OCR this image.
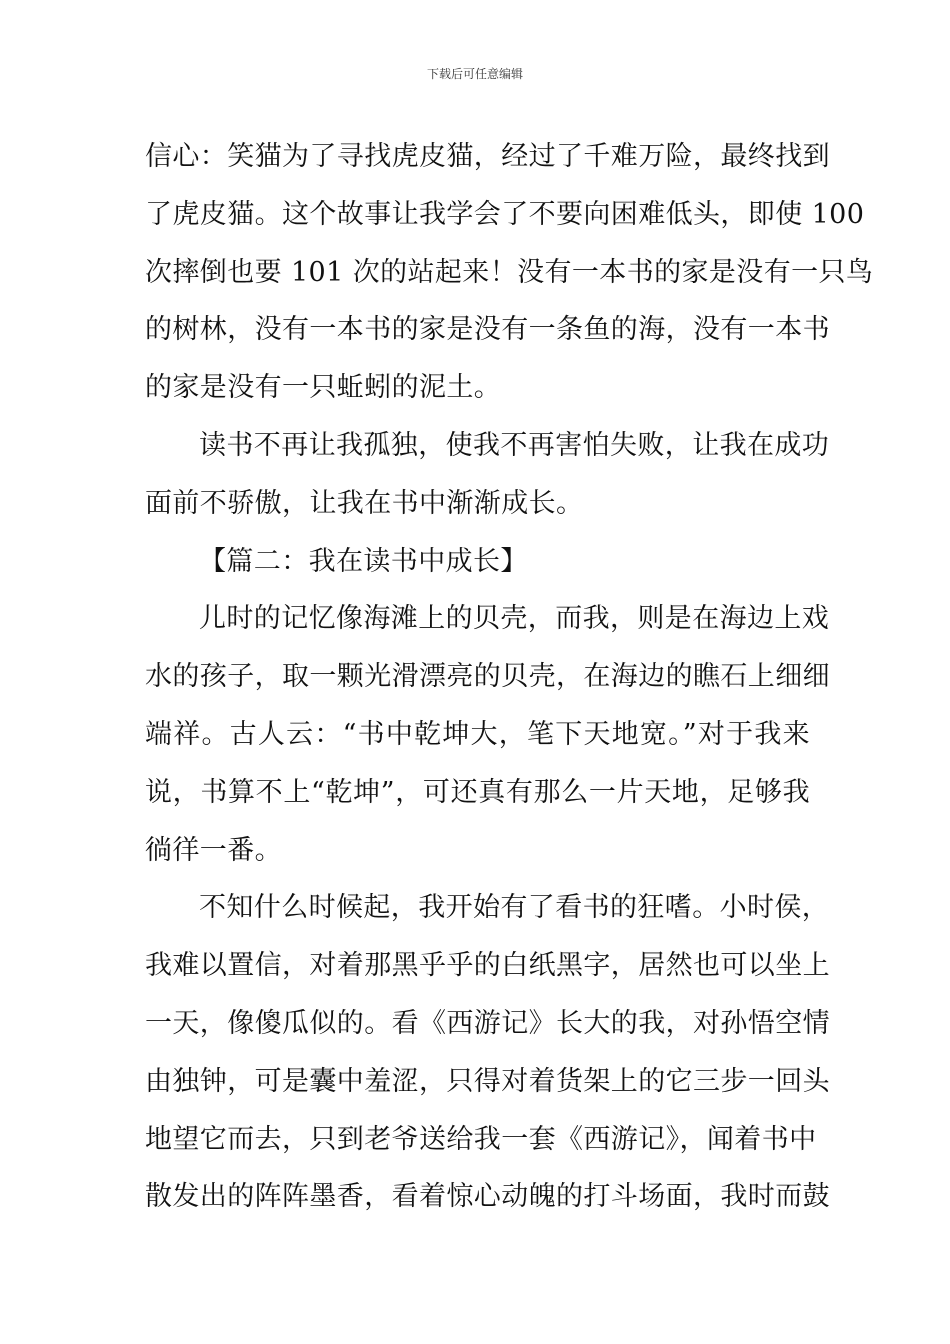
下载后可任意编辑
信心：笑猫为了寻找虎皮猫，经过了千难万险，最终找到
了虎皮猫。这个故事让我学会了不要向困难低头，即使 100
次摔倒也要 101 次的站起来！没有一本书的家是没有一只鸟
的树林，没有一本书的家是没有一条鱼的海，没有一本书
的家是没有一只蚯蚓的泥土。
读书不再让我孤独，使我不再害怕失败，让我在成功
面前不骄傲，让我在书中渐渐成长。
【篇二：我在读书中成长】
儿时的记忆像海滩上的贝壳，而我，则是在海边上戏
水的孩子，取一颗光滑漂亮的贝壳，在海边的瞧石上细细
端祥。古人云：“书中乾坤大，笔下天地宽。”对于我来
说，书算不上“乾坤”，可还真有那么一片天地，足够我
徜徉一番。
不知什么时候起，我开始有了看书的狂嗜。小时侯，
我难以置信，对着那黑乎乎的白纸黑字，居然也可以坐上
一天，像傻瓜似的。看《西游记》长大的我，对孙悟空情
由独钟，可是囊中羞涩，只得对着货架上的它三步一回头
地望它而去，只到老爷送给我一套《西游记》，闻着书中
散发出的阵阵墨香，看着惊心动魄的打斗场面，我时而鼓
